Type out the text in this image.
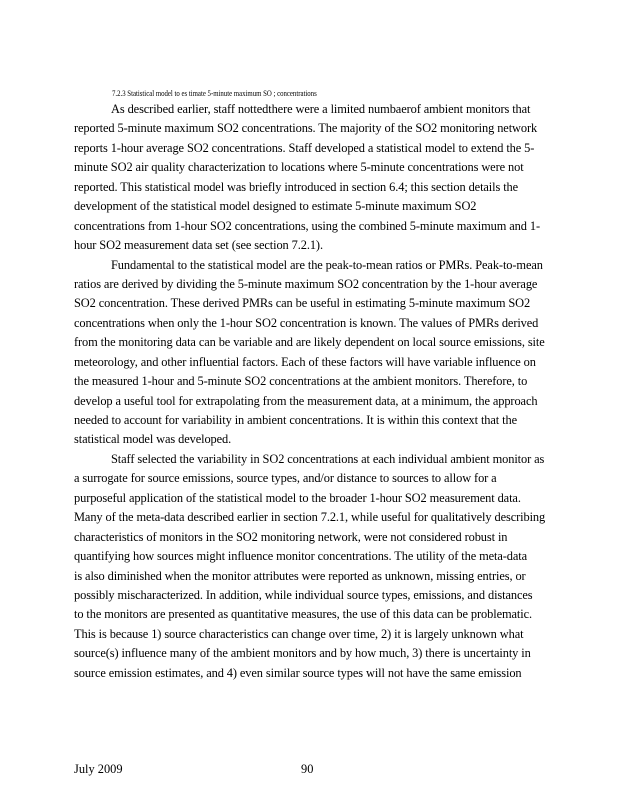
7.2.3 Statistical model to es timate 5-minute maximum SO ; concentrations
As described earlier, staff nottedthere were a limited numbaerof ambient monitors that
reported 5-minute maximum SO2 concentrations. The majority of the SO2 monitoring network
reports 1-hour average SO2 concentrations. Staff developed a statistical model to extend the 5-
minute SO2 air quality characterization to locations where 5-minute concentrations were not
reported. This statistical model was briefly introduced in section 6.4; this section details the
development of the statistical model designed to estimate 5-minute maximum SO2
concentrations from 1-hour SO2 concentrations, using the combined 5-minute maximum and 1-
hour SO2 measurement data set (see section 7.2.1).
Fundamental to the statistical model are the peak-to-mean ratios or PMRs. Peak-to-mean
ratios are derived by dividing the 5-minute maximum SO2 concentration by the 1-hour average
SO2 concentration. These derived PMRs can be useful in estimating 5-minute maximum SO2
concentrations when only the 1-hour SO2 concentration is known. The values of PMRs derived
from the monitoring data can be variable and are likely dependent on local source emissions, site
meteorology, and other influential factors. Each of these factors will have variable influence on
the measured 1-hour and 5-minute SO2 concentrations at the ambient monitors. Therefore, to
develop a useful tool for extrapolating from the measurement data, at a minimum, the approach
needed to account for variability in ambient concentrations. It is within this context that the
statistical model was developed.
Staff selected the variability in SO2 concentrations at each individual ambient monitor as
a surrogate for source emissions, source types, and/or distance to sources to allow for a
purposeful application of the statistical model to the broader 1-hour SO2 measurement data.
Many of the meta-data described earlier in section 7.2.1, while useful for qualitatively describing
characteristics of monitors in the SO2 monitoring network, were not considered robust in
quantifying how sources might influence monitor concentrations. The utility of the meta-data
is also diminished when the monitor attributes were reported as unknown, missing entries, or
possibly mischaracterized. In addition, while individual source types, emissions, and distances
to the monitors are presented as quantitative measures, the use of this data can be problematic.
This is because 1) source characteristics can change over time, 2) it is largely unknown what
source(s) influence many of the ambient monitors and by how much, 3) there is uncertainty in
source emission estimates, and 4) even similar source types will not have the same emission
July 2009	90
